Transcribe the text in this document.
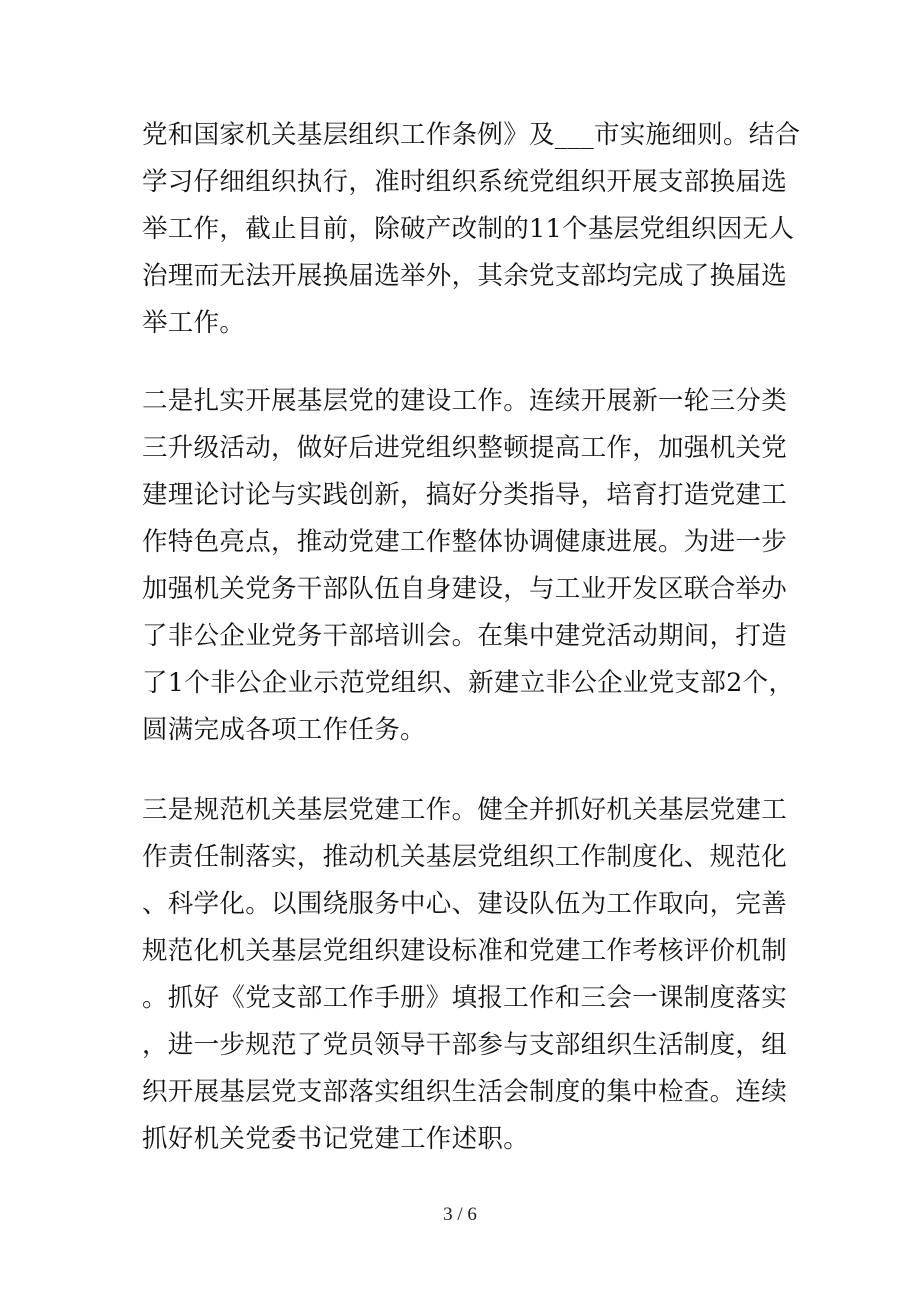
党和国家机关基层组织工作条例》及___市实施细则。结合
学习仔细组织执行，准时组织系统党组织开展支部换届选
举工作，截止目前，除破产改制的11个基层党组织因无人
治理而无法开展换届选举外，其余党支部均完成了换届选
举工作。
二是扎实开展基层党的建设工作。连续开展新一轮三分类
三升级活动，做好后进党组织整顿提高工作，加强机关党
建理论讨论与实践创新，搞好分类指导，培育打造党建工
作特色亮点，推动党建工作整体协调健康进展。为进一步
加强机关党务干部队伍自身建设，与工业开发区联合举办
了非公企业党务干部培训会。在集中建党活动期间，打造
了1个非公企业示范党组织、新建立非公企业党支部2个，
圆满完成各项工作任务。
三是规范机关基层党建工作。健全并抓好机关基层党建工
作责任制落实，推动机关基层党组织工作制度化、规范化
、科学化。以围绕服务中心、建设队伍为工作取向，完善
规范化机关基层党组织建设标准和党建工作考核评价机制
。抓好《党支部工作手册》填报工作和三会一课制度落实
，进一步规范了党员领导干部参与支部组织生活制度，组
织开展基层党支部落实组织生活会制度的集中检查。连续
抓好机关党委书记党建工作述职。
3 / 6
